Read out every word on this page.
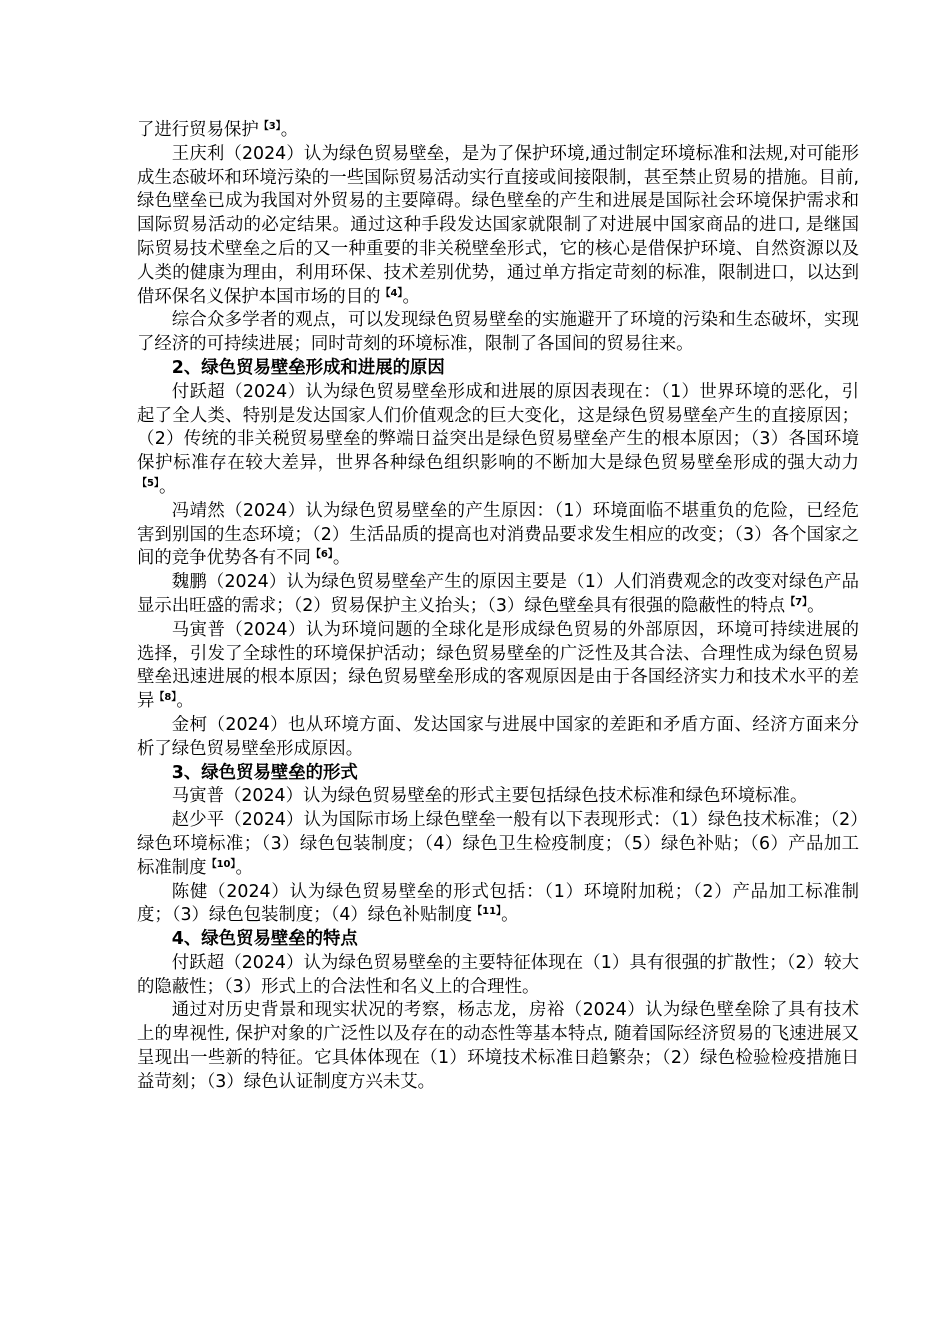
了进行贸易保护$^{【3】}$。

王庆利（2024）认为绿色贸易壁垒，是为了保护环境,通过制定环境标准和法规,对可能形成生态破坏和环境污染的一些国际贸易活动实行直接或间接限制，甚至禁止贸易的措施。目前,绿色壁垒已成为我国对外贸易的主要障碍。绿色壁垒的产生和进展是国际社会环境保护需求和国际贸易活动的必定结果。通过这种手段发达国家就限制了对进展中国家商品的进口, 是继国际贸易技术壁垒之后的又一种重要的非关税壁垒形式，它的核心是借保护环境、自然资源以及人类的健康为理由，利用环保、技术差别优势，通过单方指定苛刻的标准，限制进口，以达到借环保名义保护本国市场的目的$^{【4】}$。

综合众多学者的观点，可以发现绿色贸易壁垒的实施避开了环境的污染和生态破坏，实现了经济的可持续进展；同时苛刻的环境标准，限制了各国间的贸易往来。

2、绿色贸易壁垒形成和进展的原因

付跃超（2024）认为绿色贸易壁垒形成和进展的原因表现在：（1）世界环境的恶化，引起了全人类、特别是发达国家人们价值观念的巨大变化，这是绿色贸易壁垒产生的直接原因；（2）传统的非关税贸易壁垒的弊端日益突出是绿色贸易壁垒产生的根本原因；（3）各国环境保护标准存在较大差异，世界各种绿色组织影响的不断加大是绿色贸易壁垒形成的强大动力$^{【5】}$。

冯靖然（2024）认为绿色贸易壁垒的产生原因：（1）环境面临不堪重负的危险，已经危害到别国的生态环境；（2）生活品质的提高也对消费品要求发生相应的改变；（3）各个国家之间的竞争优势各有不同$^{【6】}$。

魏鹏（2024）认为绿色贸易壁垒产生的原因主要是（1）人们消费观念的改变对绿色产品显示出旺盛的需求；（2）贸易保护主义抬头；（3）绿色壁垒具有很强的隐蔽性的特点$^{【7】}$。

马寅普（2024）认为环境问题的全球化是形成绿色贸易的外部原因，环境可持续进展的选择，引发了全球性的环境保护活动；绿色贸易壁垒的广泛性及其合法、合理性成为绿色贸易壁垒迅速进展的根本原因；绿色贸易壁垒形成的客观原因是由于各国经济实力和技术水平的差异$^{【8】}$。

金柯（2024）也从环境方面、发达国家与进展中国家的差距和矛盾方面、经济方面来分析了绿色贸易壁垒形成原因。

3、绿色贸易壁垒的形式

马寅普（2024）认为绿色贸易壁垒的形式主要包括绿色技术标准和绿色环境标准。

赵少平（2024）认为国际市场上绿色壁垒一般有以下表现形式：（1）绿色技术标准；（2）绿色环境标准；（3）绿色包装制度；（4）绿色卫生检疫制度；（5）绿色补贴；（6）产品加工标准制度$^{【10】}$。

陈健（2024）认为绿色贸易壁垒的形式包括：（1）环境附加税；（2）产品加工标准制度；（3）绿色包装制度；（4）绿色补贴制度$^{【11】}$。

4、绿色贸易壁垒的特点

付跃超（2024）认为绿色贸易壁垒的主要特征体现在（1）具有很强的扩散性；（2）较大的隐蔽性；（3）形式上的合法性和名义上的合理性。

通过对历史背景和现实状况的考察，杨志龙，房裕（2024）认为绿色壁垒除了具有技术上的卑视性, 保护对象的广泛性以及存在的动态性等基本特点, 随着国际经济贸易的飞速进展又呈现出一些新的特征。它具体体现在（1）环境技术标准日趋繁杂；（2）绿色检验检疫措施日益苛刻；（3）绿色认证制度方兴未艾。
